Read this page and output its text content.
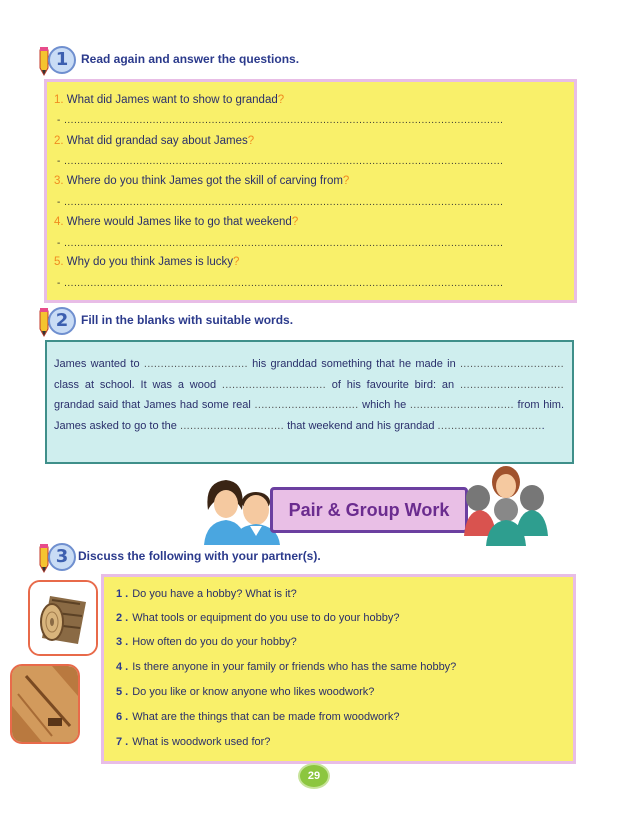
1	Read again and answer the questions.
1. What did James want to show to grandad?
- ......................................................................................................................................
2. What did grandad say about James?
- ......................................................................................................................................
3. Where do you think James got the skill of carving from?
- ......................................................................................................................................
4. Where would James like to go that weekend?
- ......................................................................................................................................
5. Why do you think James is lucky?
- ......................................................................................................................................
2	Fill in the blanks with suitable words.
James wanted to ............................... his granddad something that he made in ............................... class at school. It was a wood ............................... of his favourite bird: an ............................... grandad said that James had some real ............................... which he ............................... from him. James asked to go to the ............................... that weekend and his grandad ................................
Pair & Group Work
3 Discuss the following with your partner(s).
1 . Do you have a hobby? What is it?
2 . What tools or equipment do you use to do your hobby?
3 . How often do you do your hobby?
4 . Is there anyone in your family or friends who has the same hobby?
5 . Do you like or know anyone who likes woodwork?
6 . What are the things that can be made from woodwork?
7 . What is woodwork used for?
29
